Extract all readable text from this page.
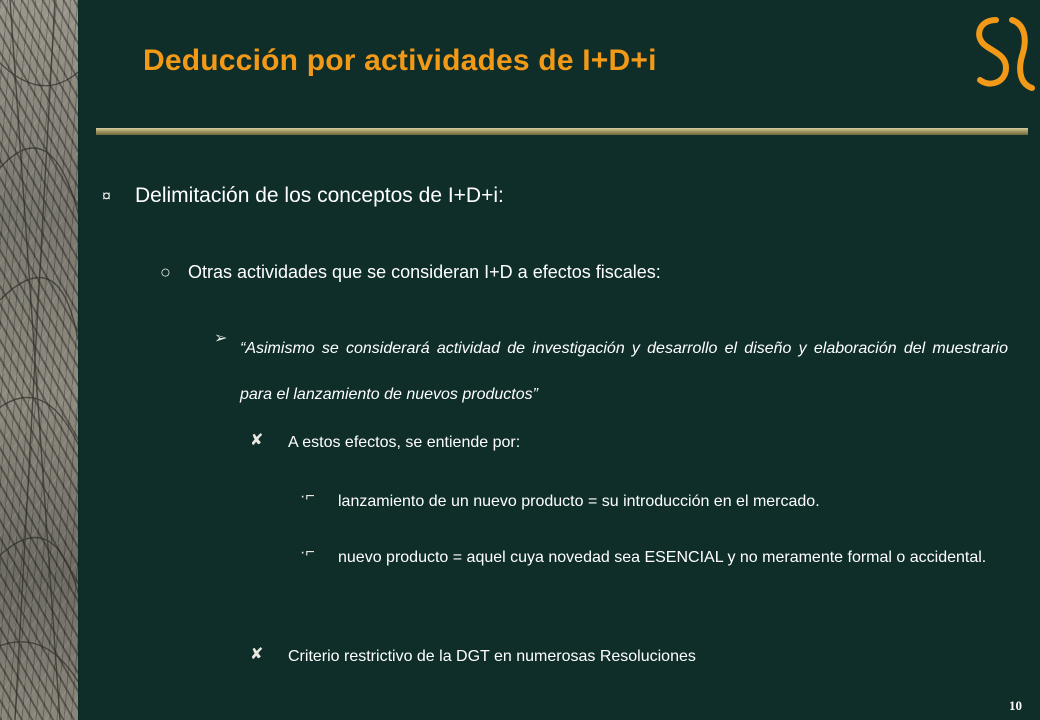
Deducción por actividades de I+D+i
¤ Delimitación de los conceptos de I+D+i:
○ Otras actividades que se consideran I+D a efectos fiscales:
➢
“Asimismo se considerará actividad de investigación y desarrollo el diseño y elaboración del muestrario para el lanzamiento de nuevos productos”
✘ A estos efectos, se entiende por:
·⌐ lanzamiento de un nuevo producto = su introducción en el mercado.
·⌐ nuevo producto = aquel cuya novedad sea ESENCIAL y no meramente formal o accidental.
✘ Criterio restrictivo de la DGT en numerosas Resoluciones
10
